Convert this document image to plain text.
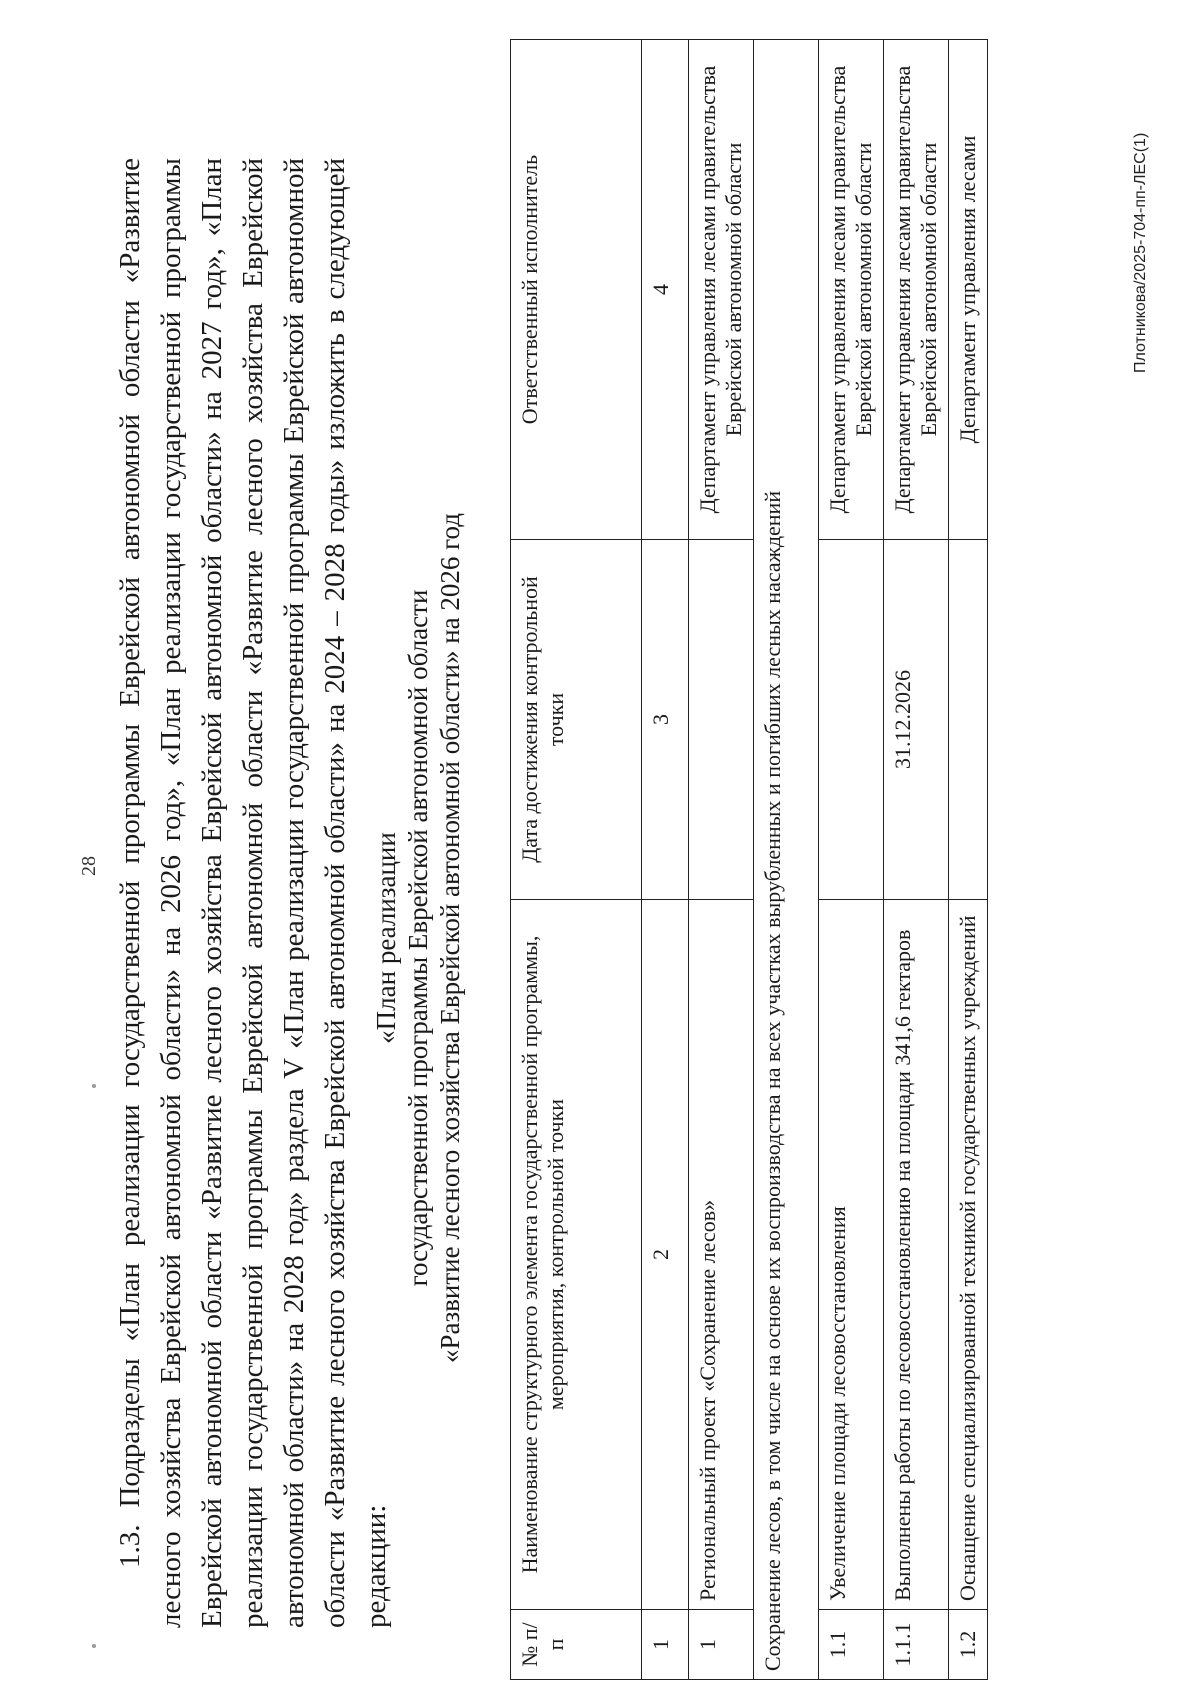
28 1.3. Подразделы «План реализации государственной программы Еврейской автономной области «Развитие лесного хозяйства Еврейской автономной области» на 2026 год», «План реализации государственной программы Еврейской автономной области «Развитие лесного хозяйства Еврейской автономной области» на 2027 год», «План реализации государственной программы Еврейской автономной области «Развитие лесного хозяйства Еврейской автономной области» на 2028 год» раздела V «План реализации государственной программы Еврейской автономной области «Развитие лесного хозяйства Еврейской автономной области» на 2024 – 2028 годы» изложить в следующей редакции:

«План реализации государственной программы Еврейской автономной области «Развитие лесного хозяйства Еврейской автономной области» на 2026 год
№ п/п	Наименование структурного элемента государственной программы, мероприятия, контрольной точки	Дата достижения контрольной точки	Ответственный исполнитель
1	2	3	4
1	Региональный проект «Сохранение лесов»		Департамент управления лесами правительства Еврейской автономной области
Сохранение лесов, в том числе на основе их воспроизводства на всех участках вырубленных и погибших лесных насаждений			
1.1	Увеличение площади лесовосстановления		Департамент управления лесами правительства Еврейской автономной области
1.1.1	Выполнены работы по лесовосстановлению на площади 341,6 гектаров	31.12.2026	Департамент управления лесами правительства Еврейской автономной области
1.2	Оснащение специализированной техникой государственных учреждений		Департамент управления лесами	Плотникова/2025-704-пп-ЛЕС(1)
